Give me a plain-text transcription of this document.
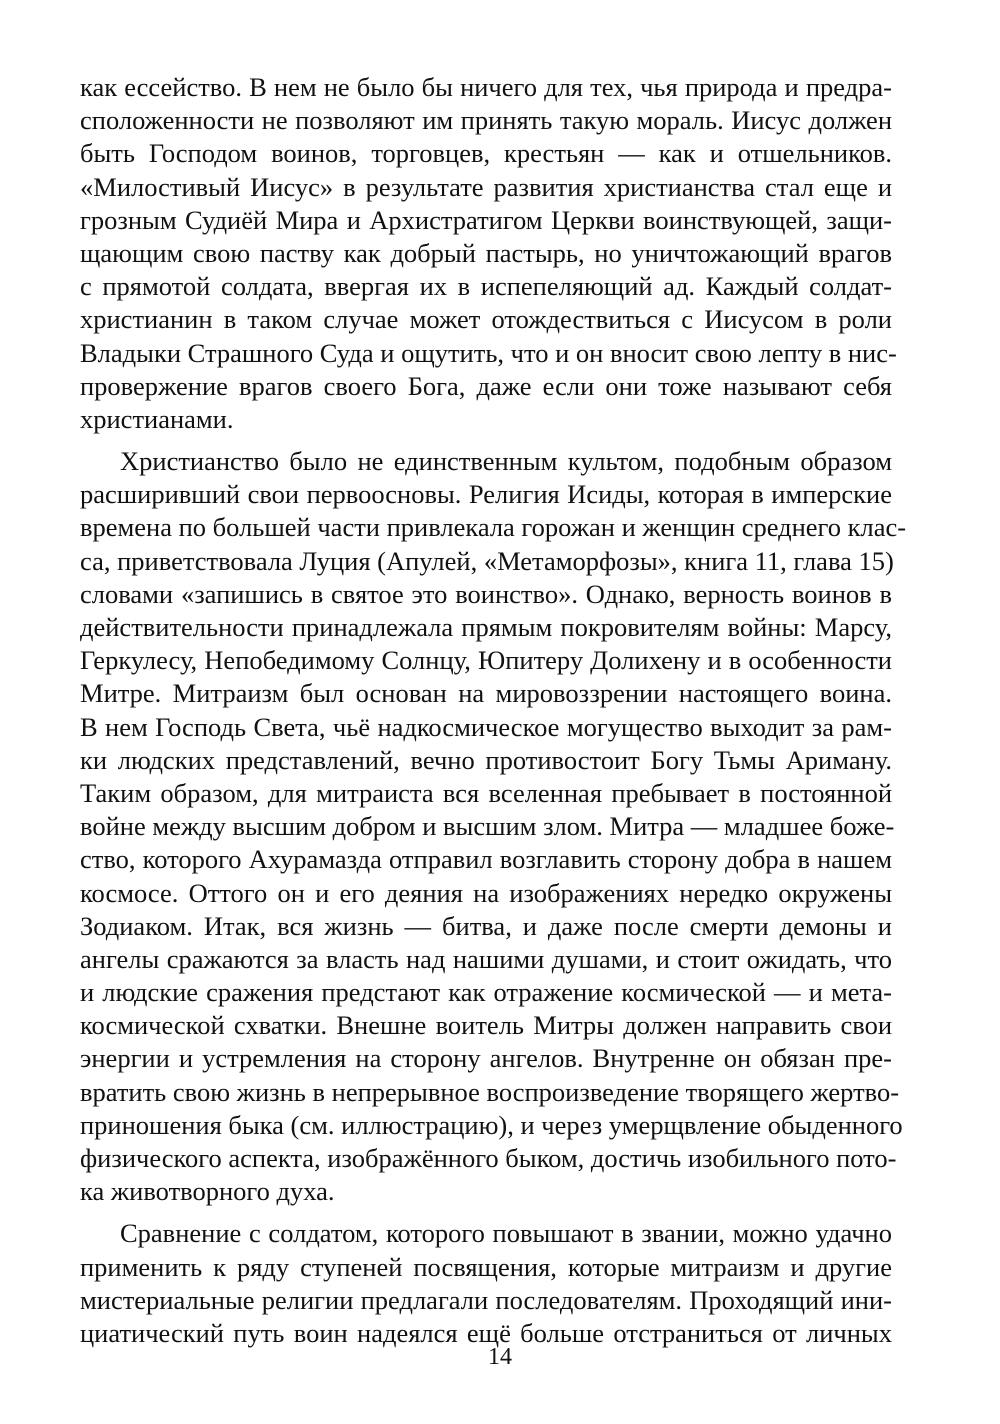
как ессейство. В нем не было бы ничего для тех, чья природа и предра-
сположенности не позволяют им принять такую мораль. Иисус должен
быть Господом воинов, торговцев, крестьян — как и отшельников.
«Милостивый Иисус» в результате развития христианства стал еще и
грозным Судиёй Мира и Архистратигом Церкви воинствующей, защи-
щающим свою паству как добрый пастырь, но уничтожающий врагов
с прямотой солдата, ввергая их в испепеляющий ад. Каждый солдат-
христианин в таком случае может отождествиться с Иисусом в роли
Владыки Страшного Суда и ощутить, что и он вносит свою лепту в нис-
провержение врагов своего Бога, даже если они тоже называют себя
христианами.
Христианство было не единственным культом, подобным образом
расширивший свои первоосновы. Религия Исиды, которая в имперские
времена по большей части привлекала горожан и женщин среднего клас-
са, приветствовала Луция (Апулей, «Метаморфозы», книга 11, глава 15)
словами «запишись в святое это воинство». Однако, верность воинов в
действительности принадлежала прямым покровителям войны: Марсу,
Геркулесу, Непобедимому Солнцу, Юпитеру Долихену и в особенности
Митре. Митраизм был основан на мировоззрении настоящего воина.
В нем Господь Света, чьё надкосмическое могущество выходит за рам-
ки людских представлений, вечно противостоит Богу Тьмы Ариману.
Таким образом, для митраиста вся вселенная пребывает в постоянной
войне между высшим добром и высшим злом. Митра — младшее боже-
ство, которого Ахурамазда отправил возглавить сторону добра в нашем
космосе. Оттого он и его деяния на изображениях нередко окружены
Зодиаком. Итак, вся жизнь — битва, и даже после смерти демоны и
ангелы сражаются за власть над нашими душами, и стоит ожидать, что
и людские сражения предстают как отражение космической — и мета-
космической схватки. Внешне воитель Митры должен направить свои
энергии и устремления на сторону ангелов. Внутренне он обязан пре-
вратить свою жизнь в непрерывное воспроизведение творящего жертво-
приношения быка (см. иллюстрацию), и через умерщвление обыденного
физического аспекта, изображённого быком, достичь изобильного пото-
ка животворного духа.
Сравнение с солдатом, которого повышают в звании, можно удачно
применить к ряду ступеней посвящения, которые митраизм и другие
мистериальные религии предлагали последователям. Проходящий ини-
циатический путь воин надеялся ещё больше отстраниться от личных
14
